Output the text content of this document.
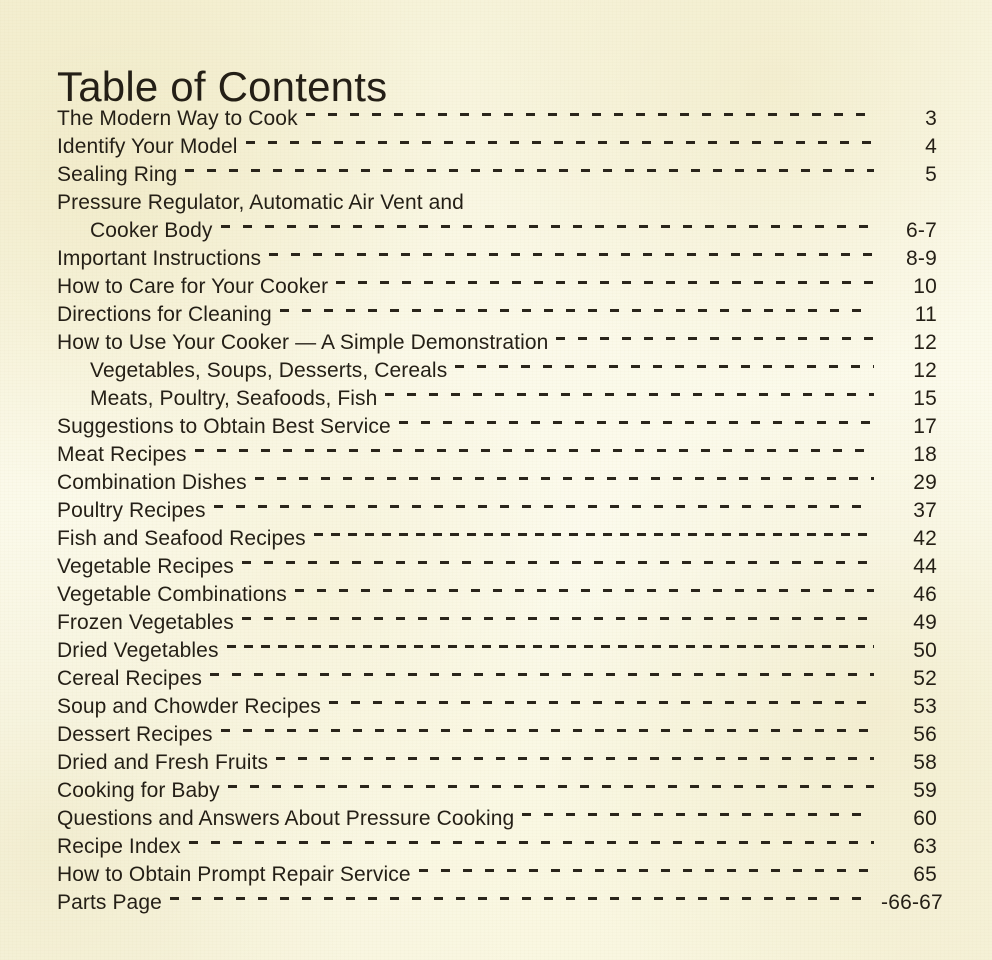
Table of Contents
The Modern Way to Cook	3
Identify Your Model	4
Sealing Ring	5
Pressure Regulator, Automatic Air Vent and
Cooker Body	6-7
Important Instructions	8-9
How to Care for Your Cooker	10
Directions for Cleaning	11
How to Use Your Cooker — A Simple Demonstration	12
Vegetables, Soups, Desserts, Cereals	12
Meats, Poultry, Seafoods, Fish	15
Suggestions to Obtain Best Service	17
Meat Recipes	18
Combination Dishes	29
Poultry Recipes	37
Fish and Seafood Recipes	42
Vegetable Recipes	44
Vegetable Combinations	46
Frozen Vegetables	49
Dried Vegetables	50
Cereal Recipes	52
Soup and Chowder Recipes	53
Dessert Recipes	56
Dried and Fresh Fruits	58
Cooking for Baby	59
Questions and Answers About Pressure Cooking	60
Recipe Index	63
How to Obtain Prompt Repair Service	65
Parts Page	-66-67
